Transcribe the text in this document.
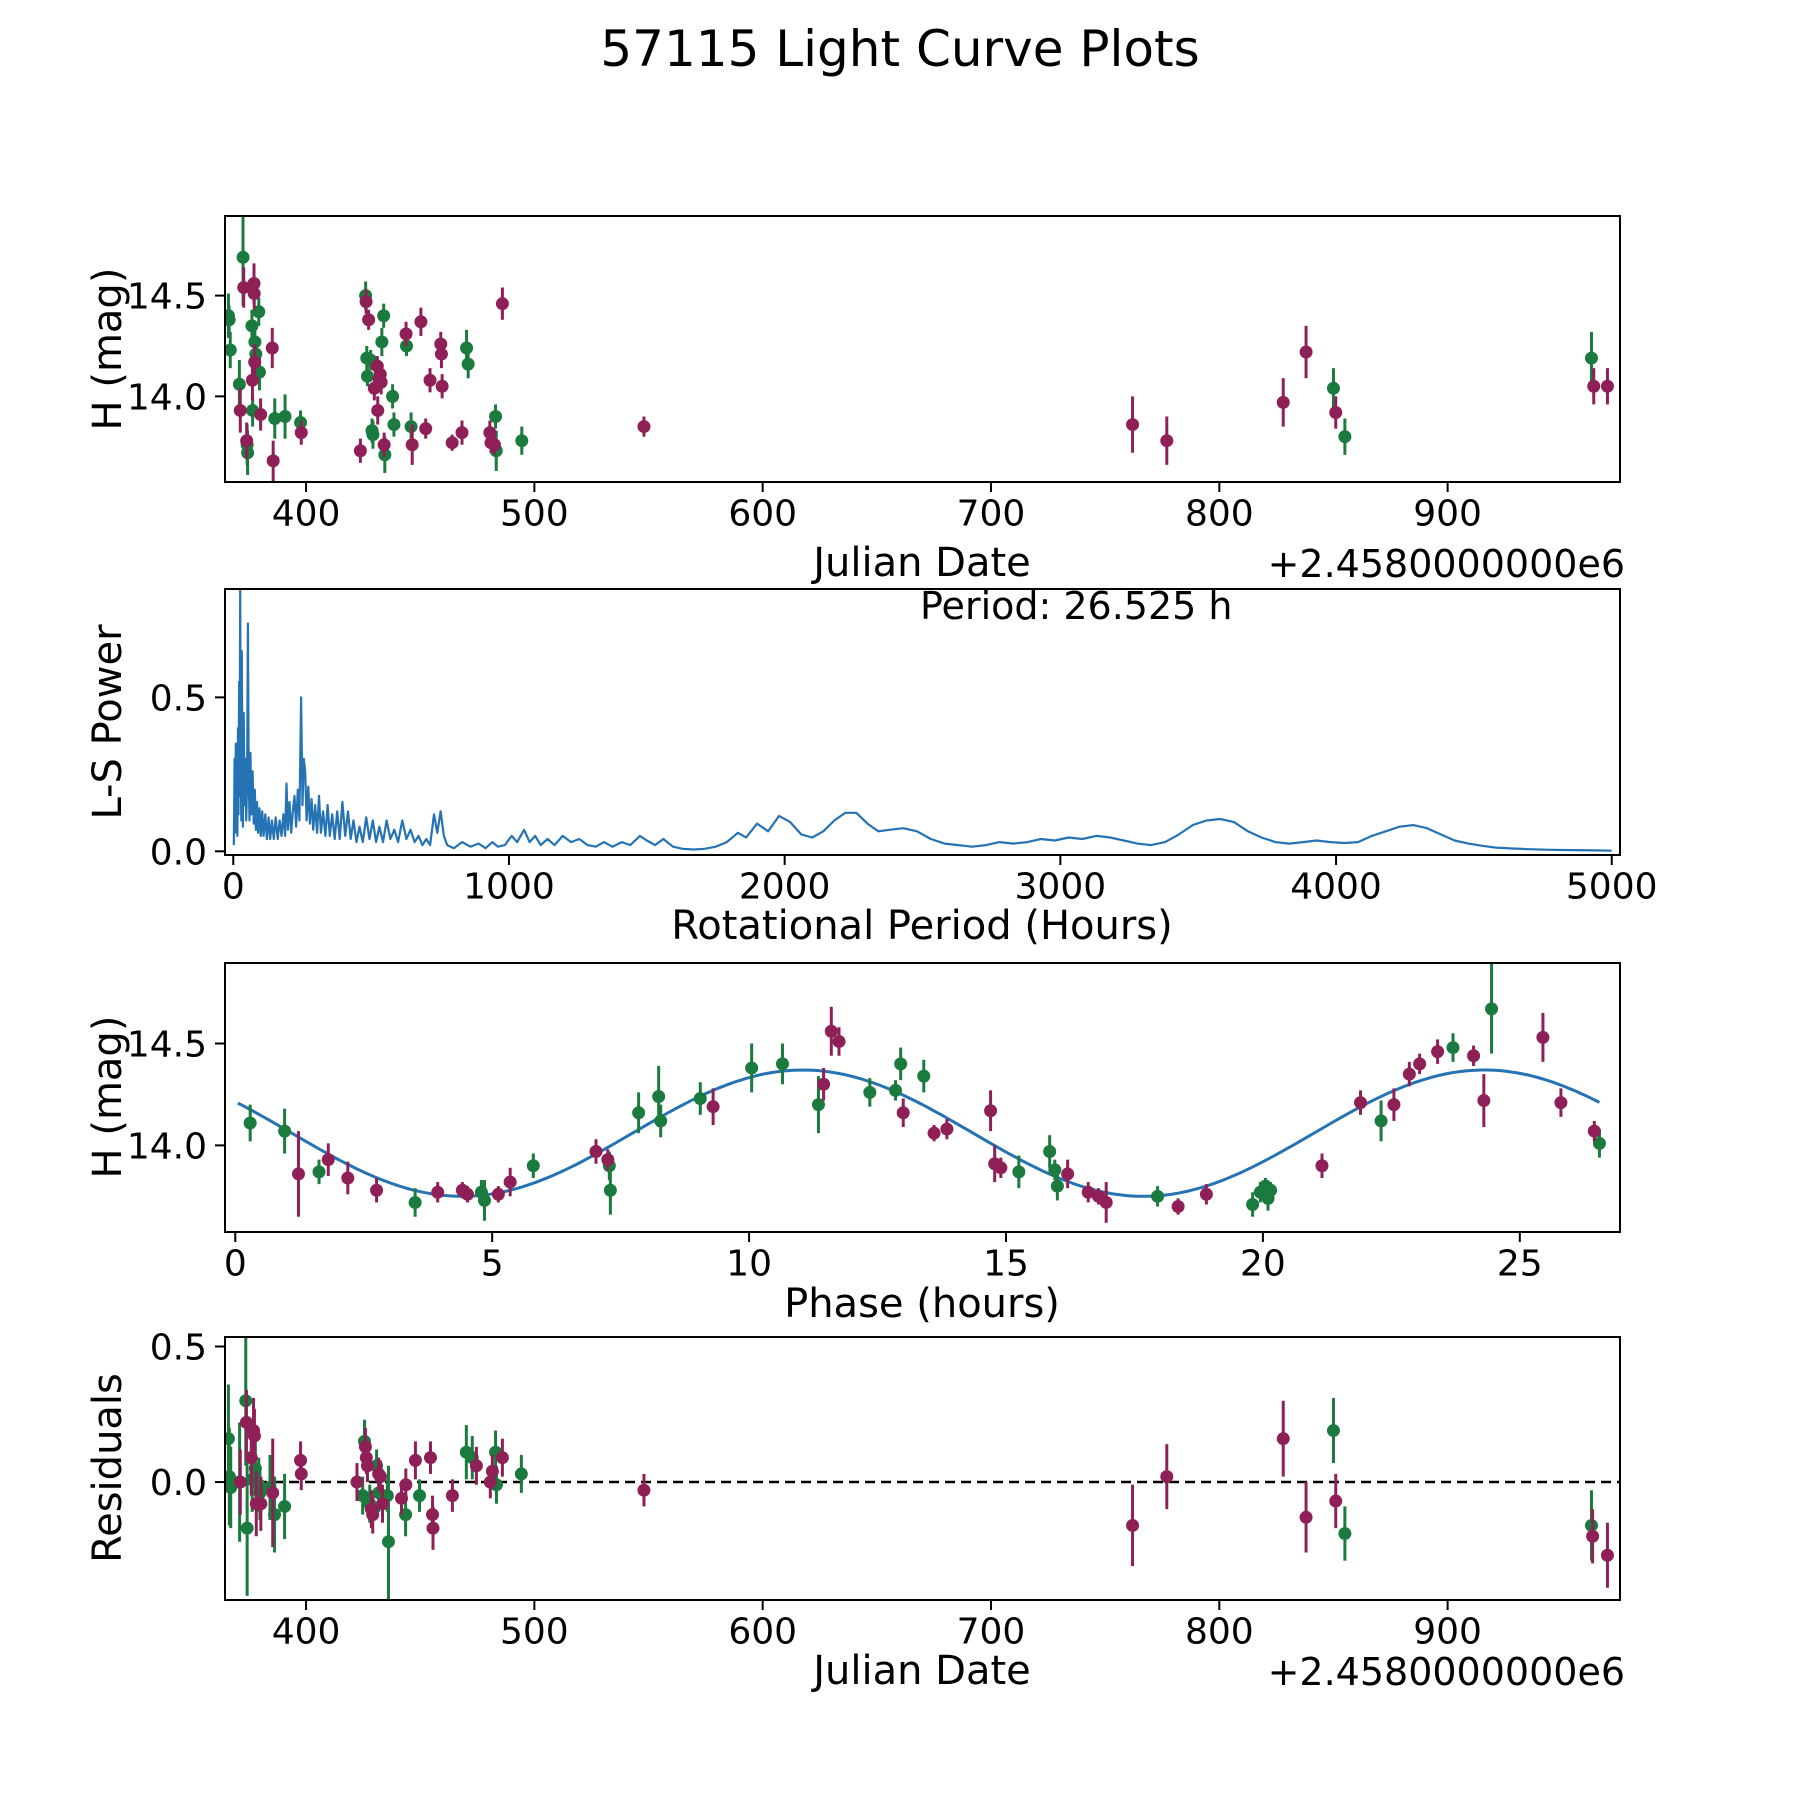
400	500	600	700	800	900
14.0
14.5
0	1000	2000	3000	4000	5000
0.0
0.5
0	5	10	15	20	25
14.0
14.5
400	500	600	700	800	900
0.0
0.5
57115 Light Curve Plots
H (mag)
L-S Power
H (mag)
Residuals
Julian Date
Rotational Period (Hours)
Phase (hours)
Julian Date
+2.4580000000e6
+2.4580000000e6
Period: 26.525 h
